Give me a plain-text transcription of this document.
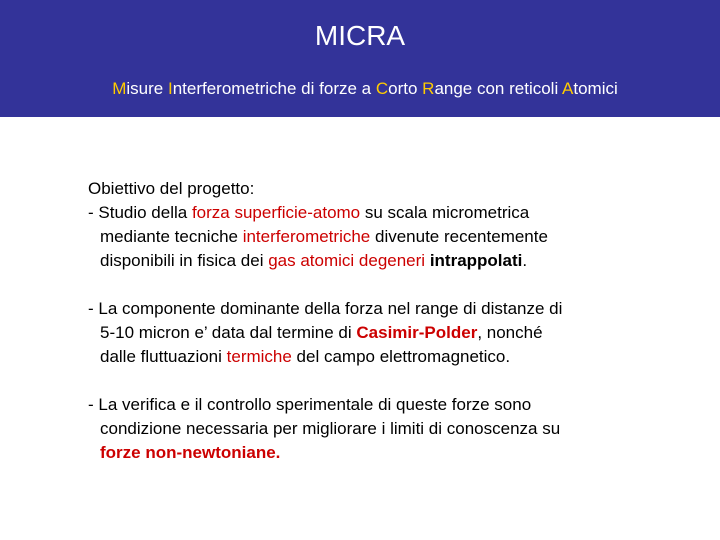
MICRA
Misure Interferometriche di forze a Corto Range con reticoli Atomici
Obiettivo del progetto:
- Studio della forza superficie-atomo su scala micrometrica
mediante tecniche interferometriche divenute recentemente
disponibili in fisica dei gas atomici degeneri intrappolati.
- La componente dominante della forza nel range di distanze di
5-10 micron e’ data dal termine di Casimir-Polder, nonché
dalle fluttuazioni termiche del campo elettromagnetico.
- La verifica e il controllo sperimentale di queste forze sono
condizione necessaria per migliorare i limiti di conoscenza su
forze non-newtoniane.
